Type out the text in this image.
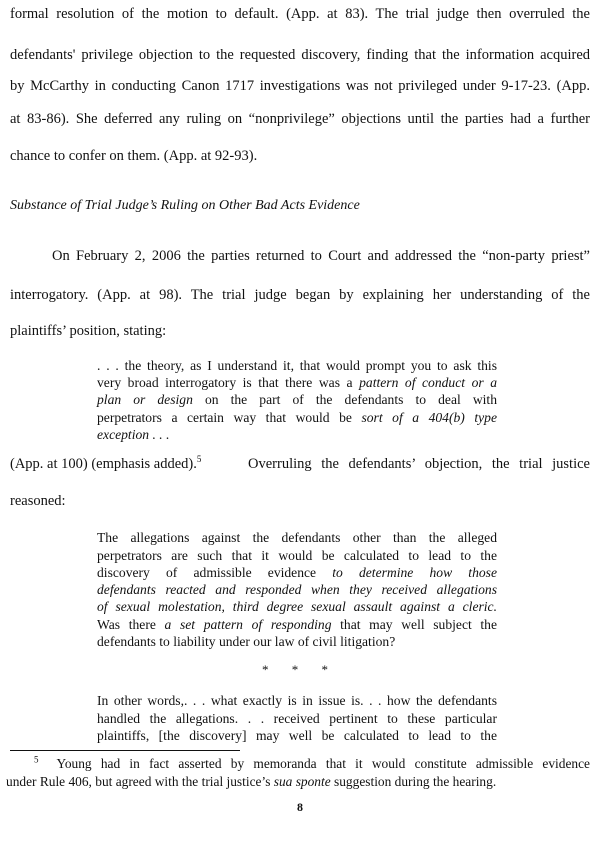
formal resolution of the motion to default. (App. at 83). The trial judge then overruled the
defendants' privilege objection to the requested discovery, finding that the information acquired
by McCarthy in conducting Canon 1717 investigations was not privileged under 9-17-23. (App.
at 83-86). She deferred any ruling on “nonprivilege” objections until the parties had a further
chance to confer on them. (App. at 92-93).
Substance of Trial Judge’s Ruling on Other Bad Acts Evidence
On February 2, 2006 the parties returned to Court and addressed the “non-party priest”
interrogatory. (App. at 98). The trial judge began by explaining her understanding of the
plaintiffs’ position, stating:
. . . the theory, as I understand it, that would prompt you to ask this
very broad interrogatory is that there was a pattern of conduct or a
plan or design on the part of the defendants to deal with
perpetrators a certain way that would be sort of a 404(b) type
exception . . .
(App. at 100) (emphasis added).$^5$	Overruling the defendants’ objection, the trial justice
reasoned:
The allegations against the defendants other than the alleged
perpetrators are such that it would be calculated to lead to the
discovery of admissible evidence to determine how those
defendants reacted and responded when they received allegations
of sexual molestation, third degree sexual assault against a cleric.
Was there a set pattern of responding that may well subject the
defendants to liability under our law of civil litigation?
* * *
In other words,. . . what exactly is in issue is. . . how the defendants
handled the allegations. . . received pertinent to these particular
plaintiffs, [the discovery] may well be calculated to lead to the
$^5$ Young had in fact asserted by memoranda that it would constitute admissible evidence
under Rule 406, but agreed with the trial justice’s sua sponte suggestion during the hearing.
8
